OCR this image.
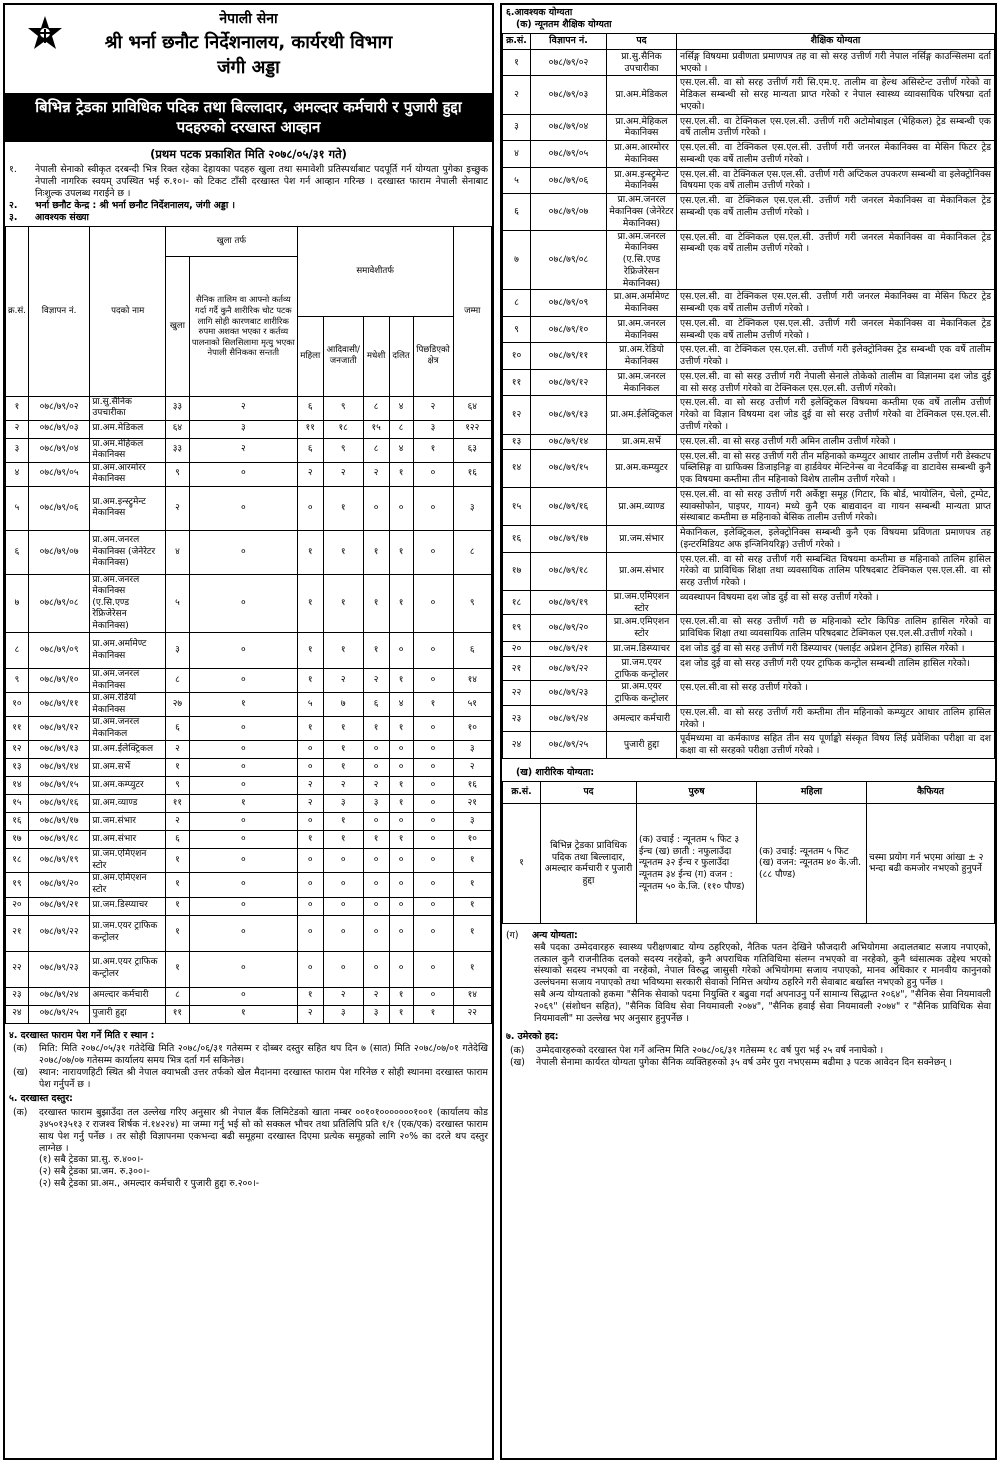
नेपाली सेना
श्री भर्ना छनौट निर्देशनालय, कार्यरथी विभाग
जंगी अड्डा
बिभिन्न ट्रेडका प्राविधिक पदिक तथा बिल्लादार, अमल्दार कर्मचारी र पुजारी हुद्दा पदहरुको दरखास्त आव्हान
(प्रथम पटक प्रकाशित मिति २०७८/०५/३१ गते)
१.	नेपाली सेनाको स्वीकृत दरबन्दी भित्र रिक्त रहेका देहायका पदहरु खुला तथा समावेशी प्रतिस्पर्धाबाट पदपूर्ति गर्न योग्यता पुगेका इच्छुक नेपाली नागरिक स्वयम् उपस्थित भई रु.१०।- को टिकट टाँसी दरखास्त पेश गर्न आव्हान गरिन्छ । दरखास्त फाराम नेपाली सेनाबाट निःशुल्क उपलब्ध गराईने छ ।
२.	भर्ना छनौट केन्द्र : श्री भर्ना छनौट निर्देशनालय, जंगी अड्डा ।
३.	आवश्यक संख्या
क्र.सं.	विज्ञापन नं.	पदको नाम	खुला तर्फ		समावेशीतर्फ					जम्मा
			खुला	सैनिक तालिम वा आफ्नो कर्तव्य गर्दा गर्दै कुनै शारीरिक चोट पटक लागि सोही कारणबाट शारीरिक रुपमा अशक्त भएका र कर्तव्य पालनाको सिलसिलामा मृत्यु भएका नेपाली सैनिकका सन्तती						
					महिला	आदिवासी/ जनजाती	मधेशी	दलित	पिछडिएको क्षेत्र	
१	०७८/७९/०२	प्रा.सु.सैनिक उपचारीका	३३	२	६	९	८	४	२	६४
२	०७८/७९/०३	प्रा.अम.मेडिकल	६४	३	११	१८	१५	८	३	१२२
३	०७८/७९/०४	प्रा.अम.मेहिकल मेकानिक्स	३३	२	६	९	८	४	१	६३
४	०७८/७९/०५	प्रा.अम.आरमोरर मेकानिक्स	९	०	२	२	२	१	०	१६
५	०७८/७९/०६	प्रा.अम.इन्स्ट्रुमेन्ट मेकानिक्स	२	०	०	१	०	०	०	३
६	०७८/७९/०७	प्रा.अम.जनरल मेकानिक्स (जेनेरेटर मेकानिक्स)	४	०	१	१	१	१	०	८
७	०७८/७९/०८	प्रा.अम.जनरल मेकानिक्स (ए.सि.एण्ड रेफ्रिजेरेसन मेकानिक्स)	५	०	१	१	१	१	०	९
८	०७८/७९/०९	प्रा.अम.अर्मामेण्ट मेकानिक्स	३	०	१	१	१	०	०	६
९	०७८/७९/१०	प्रा.अम.जनरल मेकानिक्स	८	०	१	२	२	१	०	१४
१०	०७८/७९/११	प्रा.अम.रेडियो मेकानिक्स	२७	१	५	७	६	४	१	५१
११	०७८/७९/१२	प्रा.अम.जनरल मेकानिकल	६	०	१	१	१	१	०	१०
१२	०७८/७९/१३	प्रा.अम.ईलेक्ट्रिकल	२	०	०	१	०	०	०	३
१३	०७८/७९/१४	प्रा.अम.सर्भे	१	०	०	१	०	०	०	२
१४	०७८/७९/१५	प्रा.अम.कम्प्युटर	९	०	२	२	२	१	०	१६
१५	०७८/७९/१६	प्रा.अम.व्याण्ड	११	१	२	३	३	१	०	२१
१६	०७८/७९/१७	प्रा.जम.संभार	२	०	०	१	०	०	०	३
१७	०७८/७९/१८	प्रा.अम.संभार	६	०	१	१	१	१	०	१०
१८	०७८/७९/१९	प्रा.जम.एमिएशन स्टोर	१	०	०	०	०	०	०	१
१९	०७८/७९/२०	प्रा.अम.एमिएशन स्टोर	१	०	०	०	०	०	०	१
२०	०७८/७९/२१	प्रा.जम.डिस्प्याचर	१	०	०	०	०	०	०	१
२१	०७८/७९/२२	प्रा.जम.एयर ट्राफिक कन्ट्रोलर	१	०	०	०	०	०	०	१
२२	०७८/७९/२३	प्रा.अम.एयर ट्राफिक कन्ट्रोलर	१	०	०	०	०	०	०	१
२३	०७८/७९/२४	अमल्दार कर्मचारी	८	०	१	२	२	१	०	१४
२४	०७८/७९/२५	पुजारी हुद्दा	११	१	२	३	३	१	१	२२
४. दरखास्त फाराम पेश गर्ने मिति र स्थान :
(क)	मिति: मिति २०७८/०५/३१ गतेदेखि मिति २०७८/०६/३१ गतेसम्म र दोब्बर दस्तुर सहित थप दिन ७ (सात) मिति २०७८/०७/०१ गतेदेखि २०७८/०७/०७ गतेसम्म कार्यालय समय भित्र दर्ता गर्न सकिनेछ।
(ख)	स्थान: नारायणहिटी स्थित श्री नेपाल क्याभल्री उत्तर तर्फको खेल मैदानमा दरखास्त फाराम पेश गरिनेछ र सोही स्थानमा दरखास्त फाराम पेश गर्नुपर्ने छ ।
५. दरखास्त दस्तुर:
(क)	दरखास्त फाराम बुझाउँदा तल उल्लेख गरिए अनुसार श्री नेपाल बैंक लिमिटेडको खाता नम्बर ००१०१०००००००१००१ (कार्यालय कोड ३४५०१३५१३ र राजश्व शिर्षक नं.१४२२४) मा जम्मा गर्नु भई सो को सक्कल भौचर तथा प्रतिलिपि प्रति १/१ (एक/एक) दरखास्त फाराम साथ पेश गर्नु पर्नेछ । तर सोही विज्ञापनमा एकभन्दा बढी समूहमा दरखास्त दिएमा प्रत्येक समूहको लागि २०% का दरले थप दस्तुर लाग्नेछ ।
(१) सबै ट्रेडका प्रा.सु. रु.४००।-
(२) सबै ट्रेडका प्रा.जम. रु.३००।-
(२) सबै ट्रेडका प्रा.अम., अमल्दार कर्मचारी र पुजारी हुद्दा रु.२००।-
६.आवश्यक योग्यता
(क) न्यूनतम शैक्षिक योग्यता
क्र.सं.	विज्ञापन नं.	पद	शैक्षिक योग्यता
१	०७८/७९/०२	प्रा.सु.सैनिक उपचारीका	नर्सिङ्ग विषयमा प्रवीणता प्रमाणपत्र तह वा सो सरह उत्तीर्ण गरी नेपाल नर्सिङ्ग काउन्सिलमा दर्ता भएको ।
२	०७८/७९/०३	प्रा.अम.मेडिकल	एस.एल.सी. वा सो सरह उत्तीर्ण गरी सि.एम.ए. तालीम वा हेल्थ असिस्टेन्ट उत्तीर्ण गरेको वा मेडिकल सम्बन्धी सो सरह मान्यता प्राप्त गरेको र नेपाल स्वास्थ्य व्यावसायिक परिषद्मा दर्ता भएको।
३	०७८/७९/०४	प्रा.अम.मेहिकल मेकानिक्स	एस.एल.सी. वा टेक्निकल एस.एल.सी. उत्तीर्ण गरी अटोमोबाइल (भेहिकल) ट्रेड सम्बन्धी एक वर्षे तालीम उत्तीर्ण गरेको ।
४	०७८/७९/०५	प्रा.अम.आरमोरर मेकानिक्स	एस.एल.सी. वा टेक्निकल एस.एल.सी. उत्तीर्ण गरी जनरल मेकानिक्स वा मेसिन फिटर ट्रेड सम्बन्धी एक वर्षे तालीम उत्तीर्ण गरेको ।
५	०७८/७९/०६	प्रा.अम.इन्स्ट्रुमेन्ट मेकानिक्स	एस.एल.सी. वा टेक्निकल एस.एल.सी. उत्तीर्ण गरी अप्टिकल उपकरण सम्बन्धी वा इलेक्ट्रोनिक्स विषयमा एक वर्षे तालीम उत्तीर्ण गरेको ।
६	०७८/७९/०७	प्रा.अम.जनरल मेकानिक्स (जेनेरेटर मेकानिक्स)	एस.एल.सी. वा टेक्निकल एस.एल.सी. उत्तीर्ण गरी जनरल मेकानिक्स वा मेकानिकल ट्रेड सम्बन्धी एक वर्षे तालीम उत्तीर्ण गरेको ।
७	०७८/७९/०८	प्रा.अम.जनरल मेकानिक्स (ए.सि.एण्ड रेफ्रिजेरेसन मेकानिक्स)	एस.एल.सी. वा टेक्निकल एस.एल.सी. उत्तीर्ण गरी जनरल मेकानिक्स वा मेकानिकल ट्रेड सम्बन्धी एक वर्षे तालीम उत्तीर्ण गरेको ।
८	०७८/७९/०९	प्रा.अम.अर्मामेण्ट मेकानिक्स	एस.एल.सी. वा टेक्निकल एस.एल.सी. उत्तीर्ण गरी जनरल मेकानिक्स वा मेसिन फिटर ट्रेड सम्बन्धी एक वर्षे तालीम उत्तीर्ण गरेको ।
९	०७८/७९/१०	प्रा.अम.जनरल मेकानिक्स	एस.एल.सी. वा टेक्निकल एस.एल.सी. उत्तीर्ण गरी जनरल मेकानिक्स वा मेकानिकल ट्रेड सम्बन्धी एक वर्षे तालीम उत्तीर्ण गरेको ।
१०	०७८/७९/११	प्रा.अम.रेडियो मेकानिक्स	एस.एल.सी. वा टेक्निकल एस.एल.सी. उत्तीर्ण गरी इलेक्ट्रोनिक्स ट्रेड सम्बन्धी एक वर्षे तालीम उत्तीर्ण गरेको ।
११	०७८/७९/१२	प्रा.अम.जनरल मेकानिकल	एस.एल.सी. वा सो सरह उत्तीर्ण गरी नेपाली सेनाले तोकेको तालीम वा विज्ञानमा दश जोड दुई वा सो सरह उत्तीर्ण गरेको वा टेक्निकल एस.एल.सी. उत्तीर्ण गरेको।
१२	०७८/७९/१३	प्रा.अम.ईलेक्ट्रिकल	एस.एल.सी. वा सो सरह उत्तीर्ण गरी इलेक्ट्रिकल विषयमा कम्तीमा एक वर्षे तालीम उत्तीर्ण गरेको वा विज्ञान विषयमा दश जोड दुई वा सो सरह उत्तीर्ण गरेको वा टेक्निकल एस.एल.सी. उत्तीर्ण गरेको ।
१३	०७८/७९/१४	प्रा.अम.सर्भे	एस.एल.सी. वा सो सरह उत्तीर्ण गरी अमिन तालीम उत्तीर्ण गरेको ।
१४	०७८/७९/१५	प्रा.अम.कम्प्युटर	एस.एल.सी. वा सो सरह उत्तीर्ण गरी तीन महिनाको कम्प्युटर आधार तालीम उत्तीर्ण गरी डेस्कटप पब्लिसिङ्ग वा ग्राफिक्स डिजाइनिङ्ग वा हार्डवेयर मेन्टिनेन्स वा नेटवर्किङ्ग वा डाटावेस सम्बन्धी कुनै एक विषयमा कम्तीमा तीन महिनाको विशेष तालीम उत्तीर्ण गरेको ।
१५	०७८/७९/१६	प्रा.अम.व्याण्ड	एस.एल.सी. वा सो सरह उत्तीर्ण गरी अर्केष्ट्रा समूह (गिटार, कि बोर्ड, भायोलिन, चेलो, ट्रम्पेट, स्याक्सोफोन, पाइपर, गायन) मध्ये कुनै एक बाद्यवादन वा गायन सम्बन्धी मान्यता प्राप्त संस्थाबाट कम्तीमा छ महिनाको बेसिक तालीम उत्तीर्ण गरेको।
१६	०७८/७९/१७	प्रा.जम.संभार	मेकानिकल, इलेक्ट्रिकल, इलेक्ट्रोनिक्स सम्बन्धी कुनै एक विषयमा प्रविणता प्रमाणपत्र तह (इन्टरमिडियट अफ इन्जिनियरिङ्ग) उत्तीर्ण गरेको ।
१७	०७८/७९/१८	प्रा.अम.संभार	एस.एल.सी. वा सो सरह उत्तीर्ण गरी सम्बन्धित विषयमा कम्तीमा छ महिनाको तालिम हासिल गरेको वा प्राविधिक शिक्षा तथा व्यवसायिक तालिम परिषदबाट टेक्निकल एस.एल.सी. वा सो सरह उत्तीर्ण गरेको ।
१८	०७८/७९/१९	प्रा.जम.एमिएशन स्टोर	व्यवस्थापन विषयमा दश जोड दुई वा सो सरह उत्तीर्ण गरेको ।
१९	०७८/७९/२०	प्रा.अम.एमिएशन स्टोर	एस.एल.सी.वा सो सरह उत्तीर्ण गरी छ महिनाको स्टोर किपिङ तालिम हासिल गरेको वा प्राविधिक शिक्षा तथा व्यवसायिक तालिम परिषदबाट टेक्निकल एस.एल.सी.उत्तीर्ण गरेको ।
२०	०७८/७९/२१	प्रा.जम.डिस्प्याचर	दश जोड दुई वा सो सरह उत्तीर्ण गरी डिस्प्याचर (फ्लाईट अप्रेशन ट्रेनिङ) हासिल गरेको ।
२१	०७८/७९/२२	प्रा.जम.एयर ट्राफिक कन्ट्रोलर	दश जोड दुई वा सो सरह उत्तीर्ण गरी एयर ट्राफिक कन्ट्रोल सम्बन्धी तालिम हासिल गरेको।
२२	०७८/७९/२३	प्रा.अम.एयर ट्राफिक कन्ट्रोलर	एस.एल.सी.वा सो सरह उत्तीर्ण गरेको ।
२३	०७८/७९/२४	अमल्दार कर्मचारी	एस.एल.सी. वा सो सरह उत्तीर्ण गरी कम्तीमा तीन महिनाको कम्प्युटर आधार तालिम हासिल गरेको ।
२४	०७८/७९/२५	पुजारी हुद्दा	पूर्वमध्यमा वा कर्मकाण्ड सहित तीन सय पूर्णाङ्को संस्कृत विषय लिई प्रवेशिका परीक्षा वा दश कक्षा वा सो सरहको परीक्षा उत्तीर्ण गरेको ।
(ख) शारीरिक योग्यता:
क्र.सं.	पद	पुरुष	महिला	कैफियत
१	बिभिन्न ट्रेडका प्राविधिक पदिक तथा बिल्लादार, अमल्दार कर्मचारी र पुजारी हुद्दा	(क) उचाई : न्यूनतम ५ फिट ३ ईन्च (ख) छाती : नफुलाउँदा न्यूनतम ३२ ईन्च र फुलाउँदा न्यूनतम ३४ ईन्च (ग) वजन : न्यूनतम ५० के.जि. (११० पौण्ड)	(क) उचाई: न्यूनतम ५ फिट (ख) वजन: न्यूनतम ४० के.जी. (८८ पौण्ड)	चस्मा प्रयोग गर्न भएमा आंखा ± २ भन्दा बढी कमजोर नभएको हुनुपर्ने
(ग)	अन्य योग्यता:
सबै पदका उम्मेदवारहरु स्वास्थ्य परीक्षणबाट योग्य ठहरिएको, नैतिक पतन देखिने फौजदारी अभियोगमा अदालतबाट सजाय नपाएको, तत्काल कुनै राजनीतिक दलको सदस्य नरहेको, कुनै अपराधिक गतिविधिमा संलग्न नभएको वा नरहेको, कुनै ध्वंसात्मक उद्देश्य भएको संस्थाको सदस्य नभएको वा नरहेको, नेपाल विरुद्ध जासुसी गरेको अभियोगमा सजाय नपाएको, मानव अधिकार र मानवीय कानुनको उल्लंघनमा सजाय नपाएको तथा भविष्यमा सरकारी सेवाको निमित्त अयोग्य ठहरिने गरी सेवाबाट बर्खास्त नभएको हुनु पर्नेछ ।
सबै अन्य योग्यताको हकमा "सैनिक सेवाको पदमा नियुक्ति र बढुवा गर्दा अपनाउनु पर्ने सामान्य सिद्धान्त २०६४", "सैनिक सेवा नियमावली २०६९" (संशोधन सहित), "सैनिक विविध सेवा नियमावली २०७४", "सैनिक हवाई सेवा नियमावली २०७४" र "सैनिक प्राविधिक सेवा नियमावली" मा उल्लेख भए अनुसार हुनुपर्नेछ ।
७. उमेरको हद:
(क)	उम्मेदवारहरुको दरखास्त पेश गर्ने अन्तिम मिति २०७८/०६/३१ गतेसम्म १८ वर्ष पुरा भई २५ वर्ष ननाघेको ।
(ख)	नेपाली सेनामा कार्यरत योग्यता पुगेका सैनिक व्यक्तिहरुको ३५ वर्ष उमेर पुरा नभएसम्म बढीमा ३ पटक आवेदन दिन सक्नेछन् ।
